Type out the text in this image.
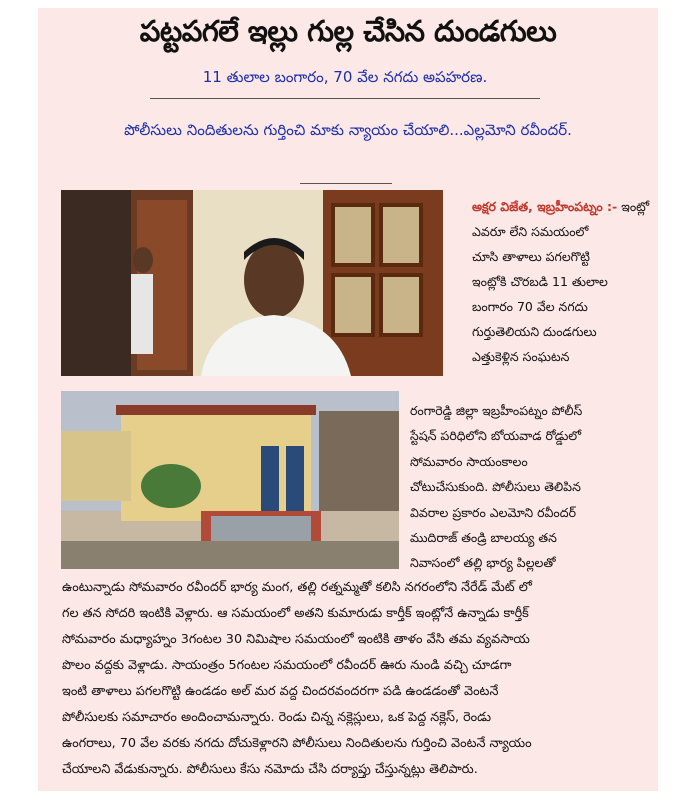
పట్టపగలే ఇల్లు గుల్ల చేసిన దుండగులు
11 తులాల బంగారం, 70 వేల నగదు అపహరణ.
పోలీసులు నిందితులను గుర్తించి మాకు న్యాయం చేయాలి...ఎల్లమోని రవీందర్.
అక్షర విజేత, ఇబ్రహీంపట్నం :- ఇంట్లో
ఎవరూ లేని సమయంలో
చూసి తాళాలు పగలగొట్టి
ఇంట్లోకి చొరబడి 11 తులాల
బంగారం 70 వేల నగదు
గుర్తుతెలియని దుండగులు
ఎత్తుకెళ్లిన సంఘటన
రంగారెడ్డి జిల్లా ఇబ్రహీంపట్నం పోలీస్
స్టేషన్ పరిధిలోని బోయవాడ రోడ్డులో
సోమవారం సాయంకాలం
చోటుచేసుకుంది. పోలీసులు తెలిపిన
వివరాల ప్రకారం ఎలమోని రవీందర్
ముదిరాజ్ తండ్రి బాలయ్య తన
నివాసంలో తల్లి భార్య పిల్లలతో
ఉంటున్నాడు సోమవారం రవీందర్ భార్య మంగ, తల్లి రత్నమ్మతో కలిసి నగరంలోని నేరేడ్ మేట్ లో
గల తన సోదరి ఇంటికి వెళ్లారు. ఆ సమయంలో అతని కుమారుడు కార్తీక్ ఇంట్లోనే ఉన్నాడు కార్తీక్
సోమవారం మధ్యాహ్నం 3గంటల 30 నిమిషాల సమయంలో ఇంటికి తాళం వేసి తమ వ్యవసాయ
పొలం వద్దకు వెళ్లాడు. సాయంత్రం 5గంటల సమయంలో రవీందర్ ఊరు నుండి వచ్చి చూడగా
ఇంటి తాళాలు పగలగొట్టి ఉండడం అల్ మర వద్ద చిందరవందరగా పడి ఉండడంతో వెంటనే
పోలీసులకు సమాచారం అందించామన్నారు. రెండు చిన్న నక్లెస్లులు, ఒక పెద్ద నక్లెస్, రెండు
ఉంగరాలు, 70 వేల వరకు నగదు దోచుకెళ్లారని పోలీసులు నిందితులను గుర్తించి వెంటనే న్యాయం
చేయాలని వేడుకున్నారు. పోలీసులు కేసు నమోదు చేసి దర్యాప్తు చేస్తున్నట్లు తెలిపారు.
